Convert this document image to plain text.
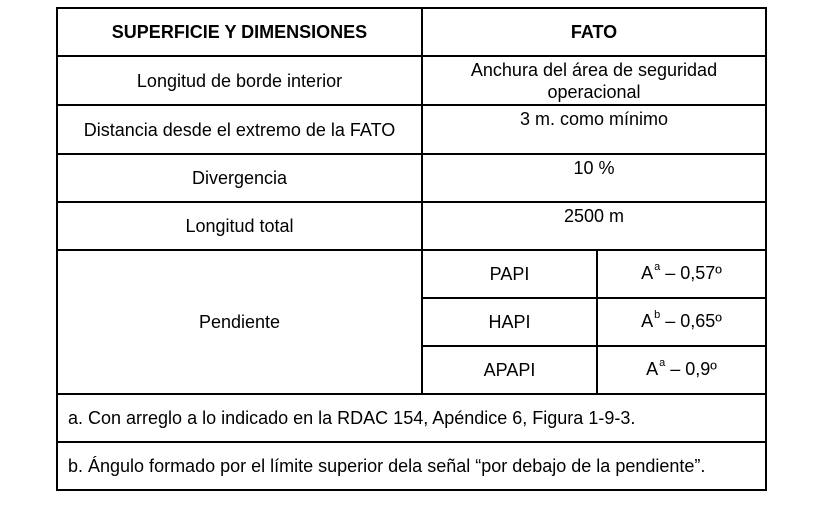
SUPERFICIE Y DIMENSIONES	FATO	
Longitud de borde interior	Anchura del área de seguridad operacional	
Distancia desde el extremo de la FATO	3 m. como mínimo	
Divergencia	10 %	
Longitud total	2500 m	
Pendiente	PAPI	$A^a$ – 0,57º
	HAPI	$A^b$ – 0,65º
	APAPI	$A^a$ – 0,9º
a. Con arreglo a lo indicado en la RDAC 154, Apéndice 6, Figura 1-9-3.		
b. Ángulo formado por el límite superior dela señal “por debajo de la pendiente”.		
